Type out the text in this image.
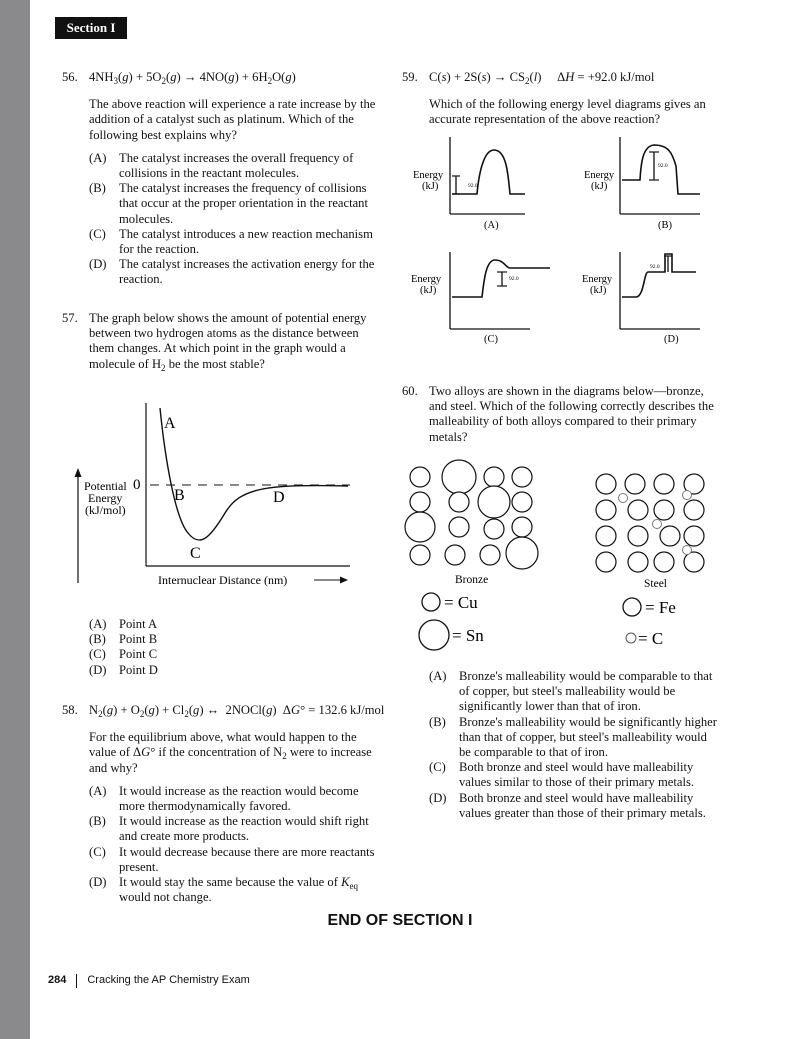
Section I
56. $4NH_3(g) + 5O_2(g) \to 4NO(g) + 6H_2O(g)$
The above reaction will experience a rate increase by the addition of a catalyst such as platinum. Which of the following best explains why?
(A) The catalyst increases the overall frequency of collisions in the reactant molecules.
(B)	The catalyst increases the frequency of collisions that occur at the proper orientation in the reactant molecules.
(C)	The catalyst introduces a new reaction mechanism for the reaction.
(D) The catalyst increases the activation energy for the reaction.
57. The graph below shows the amount of potential energy between two hydrogen atoms as the distance between them changes. At which point in the graph would a molecule of $H_2$ be the most stable?
A
B
C
D
0
Potential
Energy
(kJ/mol)
Internuclear Distance (nm)
(A) Point A
(B)	Point B
(C)	Point C
(D) Point D
58. $N_2(g) + O_2(g) + Cl_2(g)$ ↔  2NOCl(g)  ΔG° = 132.6 kJ/mol
For the equilibrium above, what would happen to the value of ΔG° if the concentration of $N_2$ were to increase and why?
(A) It would increase as the reaction would become more thermodynamically favored.
(B)	It would increase as the reaction would shift right and create more products.
(C)	It would decrease because there are more reactants present.
(D) It would stay the same because the value of $K_{eq}$ would not change.
59. $C(s) + 2S(s) \to CS_2(l)$     ΔH = +92.0 kJ/mol
Which of the following energy level diagrams gives an accurate representation of the above reaction?
Energy
(kJ)	92.0
(A)
Energy
(kJ)
92.0
(B)
Energy
(kJ)
92.0
(C)
Energy
(kJ)
92.0
(D)
60. Two alloys are shown in the diagrams below—bronze, and steel. Which of the following correctly describes the malleability of both alloys compared to their primary metals?
Bronze	Steel
= Cu
= Sn
= Fe
= C
(A) Bronze's malleability would be comparable to that of copper, but steel's malleability would be significantly lower than that of iron.
(B)	Bronze's malleability would be significantly higher than that of copper, but steel's malleability would be comparable to that of iron.
(C)	Both bronze and steel would have malleability values similar to those of their primary metals.
(D) Both bronze and steel would have malleability values greater than those of their primary metals.
END OF SECTION I
284 Cracking the AP Chemistry Exam
